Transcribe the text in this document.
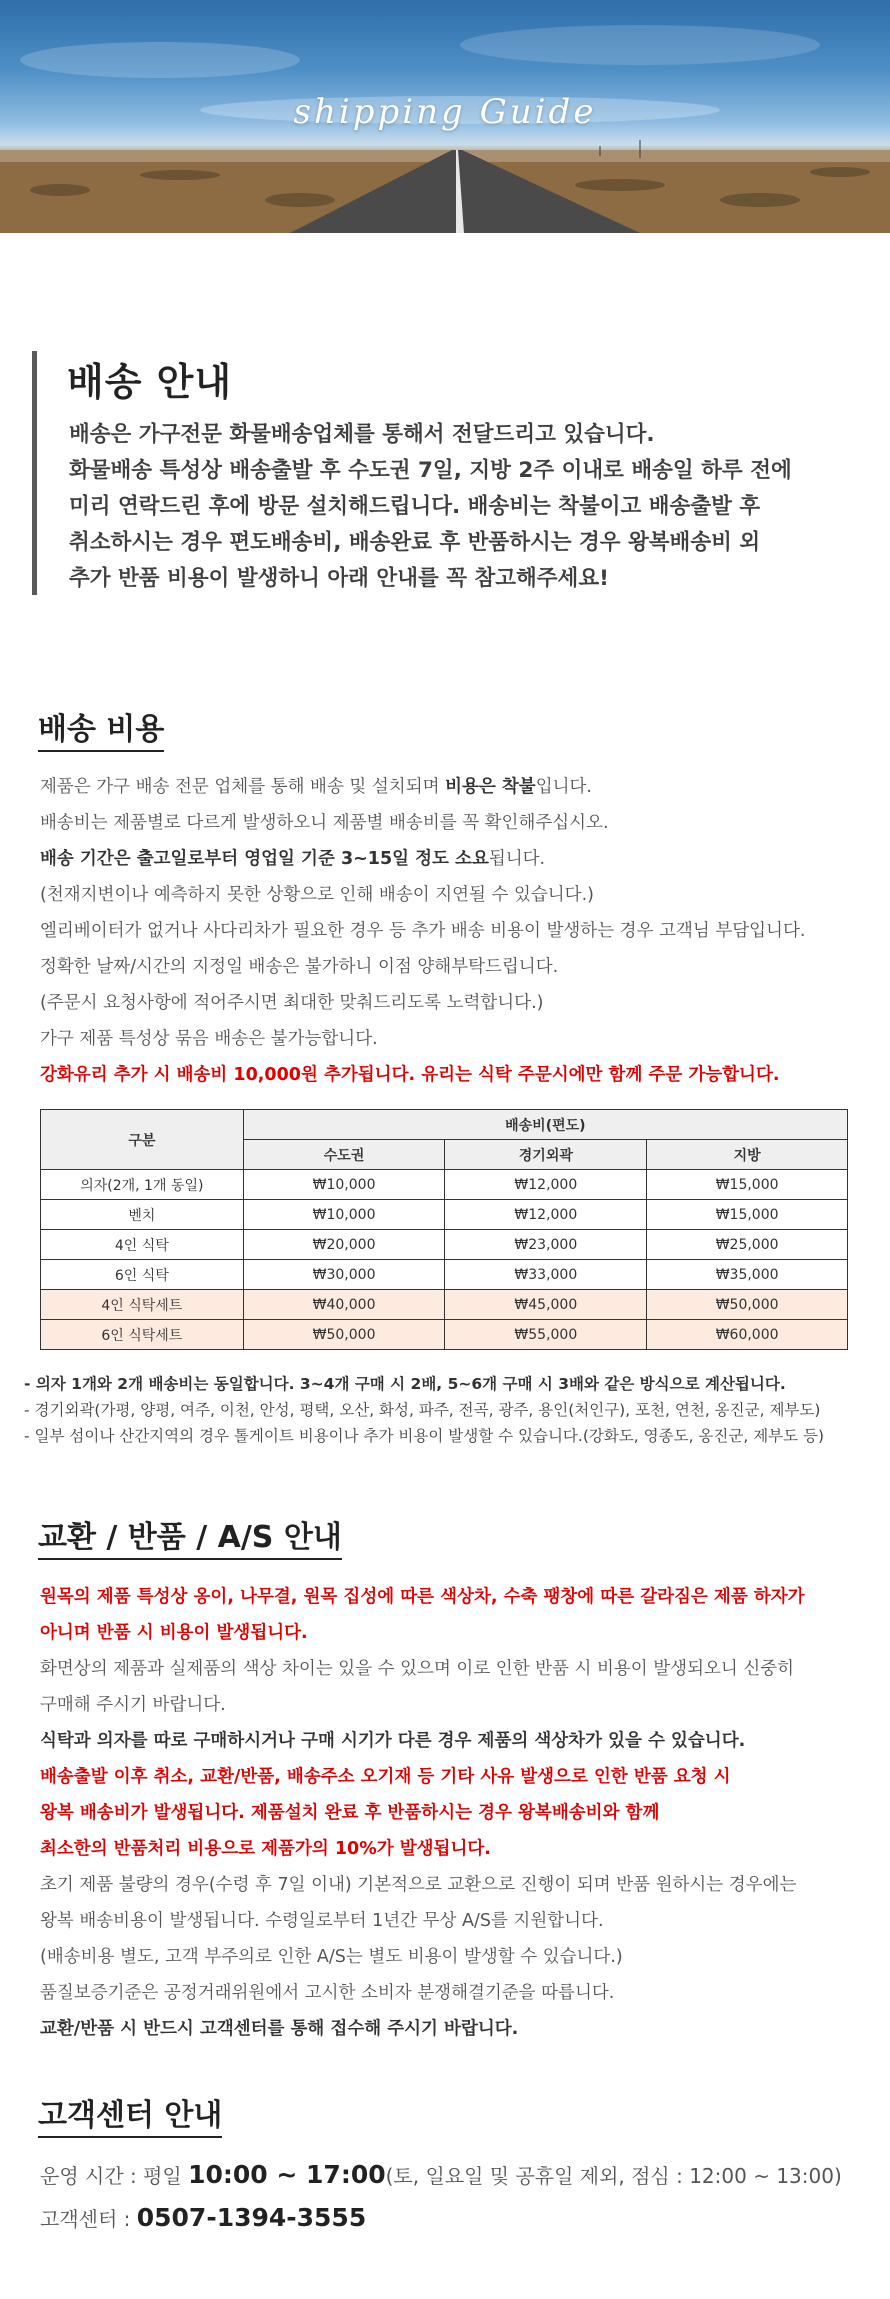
shipping Guide
배송 안내
배송은 가구전문 화물배송업체를 통해서 전달드리고 있습니다.
화물배송 특성상 배송출발 후 수도권 7일, 지방 2주 이내로 배송일 하루 전에
미리 연락드린 후에 방문 설치해드립니다. 배송비는 착불이고 배송출발 후
취소하시는 경우 편도배송비, 배송완료 후 반품하시는 경우 왕복배송비 외
추가 반품 비용이 발생하니 아래 안내를 꼭 참고해주세요!
배송 비용
제품은 가구 배송 전문 업체를 통해 배송 및 설치되며 비용은 착불입니다.
배송비는 제품별로 다르게 발생하오니 제품별 배송비를 꼭 확인해주십시오.
배송 기간은 출고일로부터 영업일 기준 3~15일 정도 소요됩니다.
(천재지변이나 예측하지 못한 상황으로 인해 배송이 지연될 수 있습니다.)
엘리베이터가 없거나 사다리차가 필요한 경우 등 추가 배송 비용이 발생하는 경우 고객님 부담입니다.
정확한 날짜/시간의 지정일 배송은 불가하니 이점 양해부탁드립니다.
(주문시 요청사항에 적어주시면 최대한 맞춰드리도록 노력합니다.)
가구 제품 특성상 묶음 배송은 불가능합니다.
강화유리 추가 시 배송비 10,000원 추가됩니다. 유리는 식탁 주문시에만 함께 주문 가능합니다.
구분	배송비(편도)		
	수도권	경기외곽	지방
의자(2개, 1개 동일)	₩10,000	₩12,000	₩15,000
벤치	₩10,000	₩12,000	₩15,000
4인 식탁	₩20,000	₩23,000	₩25,000
6인 식탁	₩30,000	₩33,000	₩35,000
4인 식탁세트	₩40,000	₩45,000	₩50,000
6인 식탁세트	₩50,000	₩55,000	₩60,000
- 의자 1개와 2개 배송비는 동일합니다. 3~4개 구매 시 2배, 5~6개 구매 시 3배와 같은 방식으로 계산됩니다.
- 경기외곽(가평, 양평, 여주, 이천, 안성, 평택, 오산, 화성, 파주, 전곡, 광주, 용인(처인구), 포천, 연천, 옹진군, 제부도)
- 일부 섬이나 산간지역의 경우 톨게이트 비용이나 추가 비용이 발생할 수 있습니다.(강화도, 영종도, 옹진군, 제부도 등)
교환 / 반품 / A/S 안내
원목의 제품 특성상 옹이, 나무결, 원목 집성에 따른 색상차, 수축 팽창에 따른 갈라짐은 제품 하자가
아니며 반품 시 비용이 발생됩니다.
화면상의 제품과 실제품의 색상 차이는 있을 수 있으며 이로 인한 반품 시 비용이 발생되오니 신중히
구매해 주시기 바랍니다.
식탁과 의자를 따로 구매하시거나 구매 시기가 다른 경우 제품의 색상차가 있을 수 있습니다.
배송출발 이후 취소, 교환/반품, 배송주소 오기재 등 기타 사유 발생으로 인한 반품 요청 시
왕복 배송비가 발생됩니다. 제품설치 완료 후 반품하시는 경우 왕복배송비와 함께
최소한의 반품처리 비용으로 제품가의 10%가 발생됩니다.
초기 제품 불량의 경우(수령 후 7일 이내) 기본적으로 교환으로 진행이 되며 반품 원하시는 경우에는
왕복 배송비용이 발생됩니다. 수령일로부터 1년간 무상 A/S를 지원합니다.
(배송비용 별도, 고객 부주의로 인한 A/S는 별도 비용이 발생할 수 있습니다.)
품질보증기준은 공정거래위원에서 고시한 소비자 분쟁해결기준을 따릅니다.
교환/반품 시 반드시 고객센터를 통해 접수해 주시기 바랍니다.
고객센터 안내
운영 시간 : 평일 10:00 ~ 17:00(토, 일요일 및 공휴일 제외, 점심 : 12:00 ~ 13:00)
고객센터 : 0507-1394-3555
